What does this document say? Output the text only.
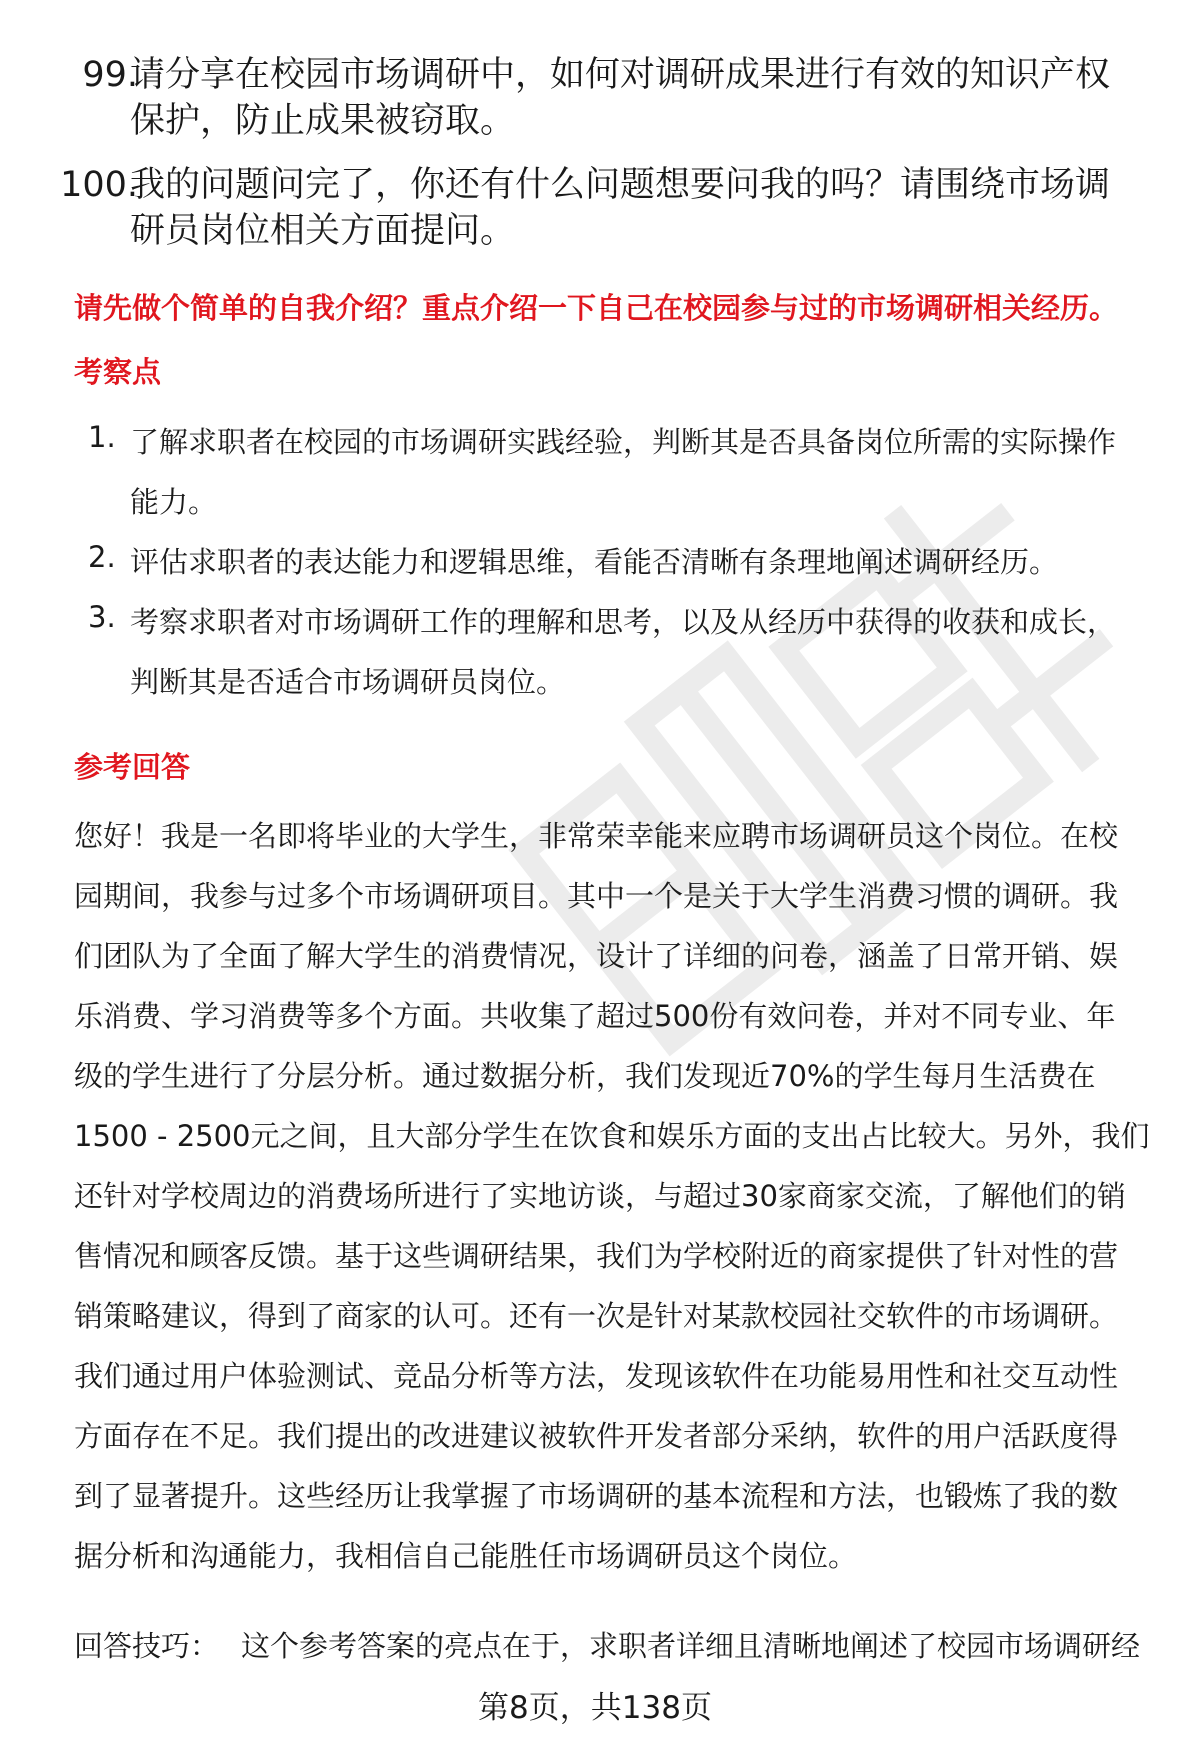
99.
请分享在校园市场调研中，如何对调研成果进行有效的知识产权
保护，防止成果被窃取。
100.
我的问题问完了，你还有什么问题想要问我的吗？请围绕市场调
研员岗位相关方面提问。
请先做个简单的自我介绍？重点介绍一下自己在校园参与过的市场调研相关经历。
考察点
1. 了解求职者在校园的市场调研实践经验，判断其是否具备岗位所需的实际操作
能力。
2. 评估求职者的表达能力和逻辑思维，看能否清晰有条理地阐述调研经历。
3. 考察求职者对市场调研工作的理解和思考，以及从经历中获得的收获和成长，
判断其是否适合市场调研员岗位。
参考回答
您好！我是一名即将毕业的大学生，非常荣幸能来应聘市场调研员这个岗位。在校
园期间，我参与过多个市场调研项目。其中一个是关于大学生消费习惯的调研。我
们团队为了全面了解大学生的消费情况，设计了详细的问卷，涵盖了日常开销、娱
乐消费、学习消费等多个方面。共收集了超过500份有效问卷，并对不同专业、年
级的学生进行了分层分析。通过数据分析，我们发现近70%的学生每月生活费在
1500 - 2500元之间，且大部分学生在饮食和娱乐方面的支出占比较大。另外，我们
还针对学校周边的消费场所进行了实地访谈，与超过30家商家交流，了解他们的销
售情况和顾客反馈。基于这些调研结果，我们为学校附近的商家提供了针对性的营
销策略建议，得到了商家的认可。还有一次是针对某款校园社交软件的市场调研。
我们通过用户体验测试、竞品分析等方法，发现该软件在功能易用性和社交互动性
方面存在不足。我们提出的改进建议被软件开发者部分采纳，软件的用户活跃度得
到了显著提升。这些经历让我掌握了市场调研的基本流程和方法，也锻炼了我的数
据分析和沟通能力，我相信自己能胜任市场调研员这个岗位。
回答技巧： 这个参考答案的亮点在于，求职者详细且清晰地阐述了校园市场调研经
第8页，共138页
